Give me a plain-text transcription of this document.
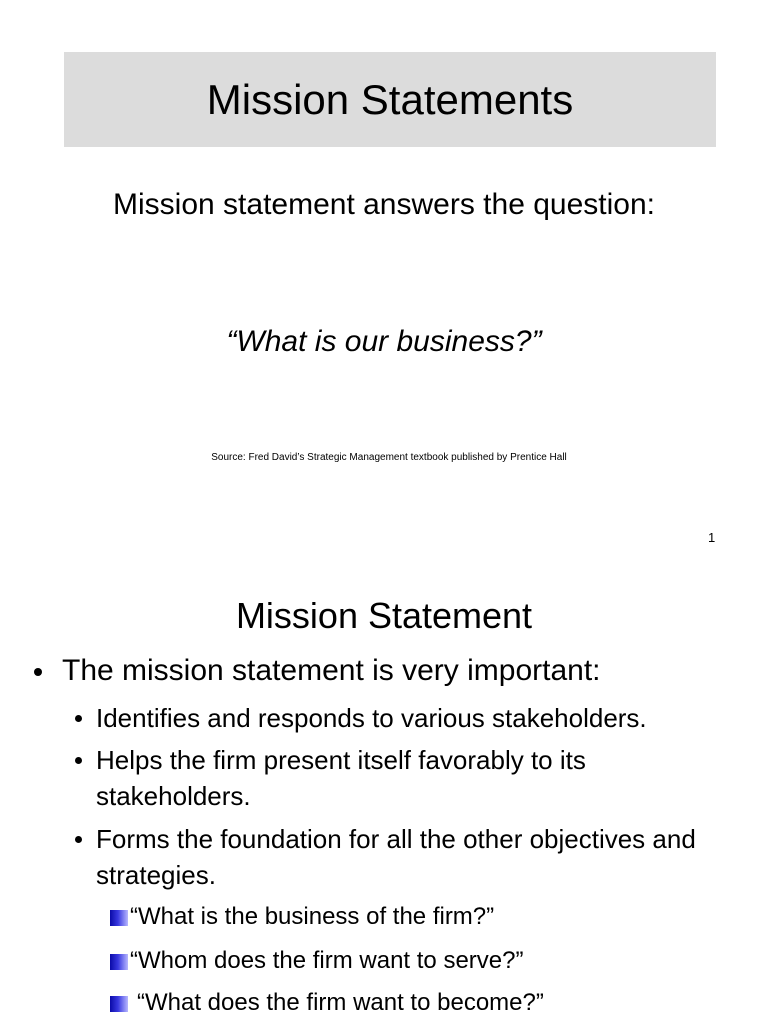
Mission Statements
Mission statement answers the question:
“What is our business?”
Source: Fred David’s Strategic Management textbook published by Prentice Hall
1
Mission Statement
The mission statement is very important:
Identifies and responds to various stakeholders.
Helps the firm present itself favorably to its stakeholders.
Forms the foundation for all the other objectives and strategies.
“What is the business of the firm?”
“Whom does the firm want to serve?”
“What does the firm want to become?”
